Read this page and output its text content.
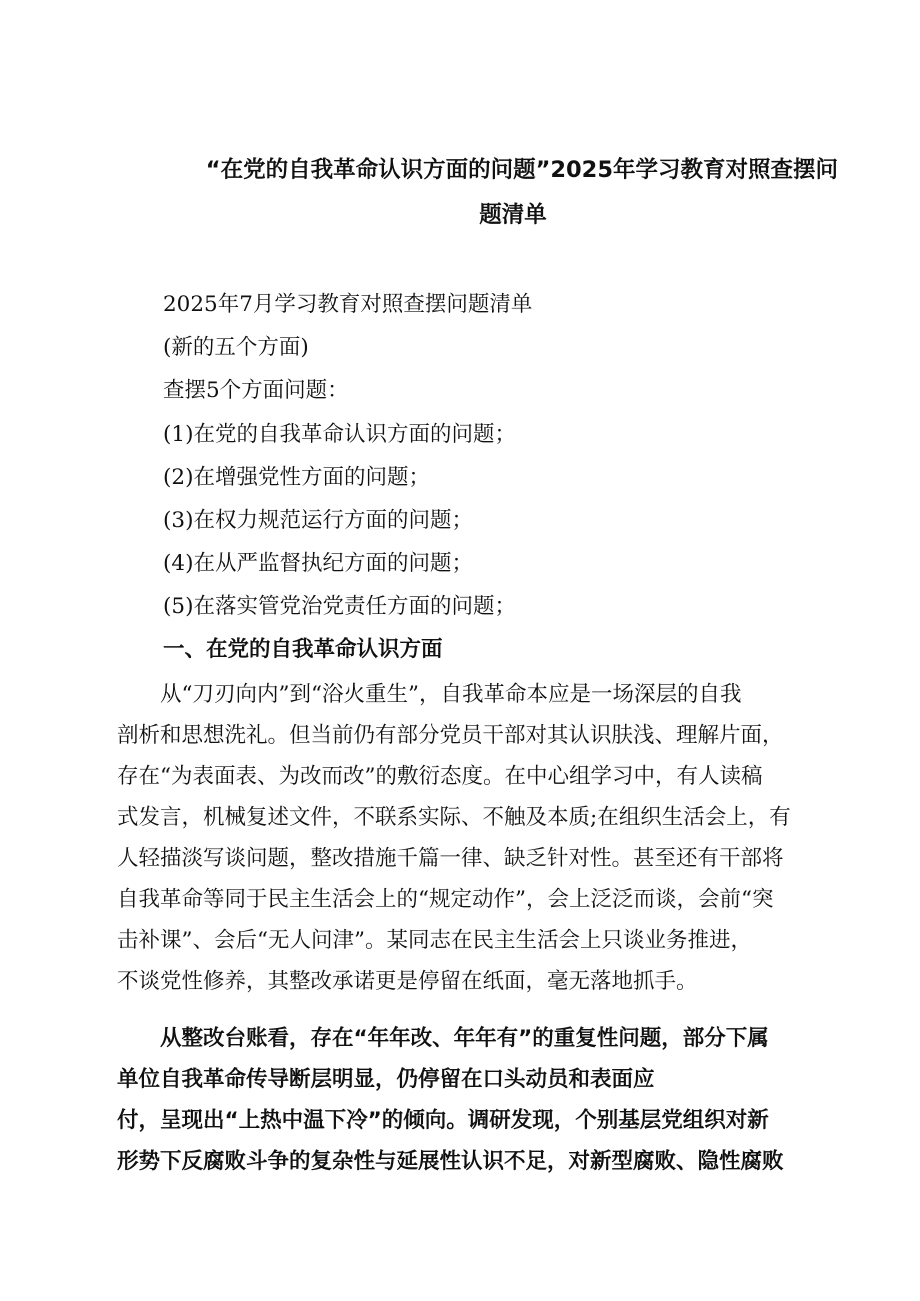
“在党的自我革命认识方面的问题”2025年学习教育对照查摆问
题清单
2025年7月学习教育对照查摆问题清单
(新的五个方面)
查摆5个方面问题：
(1)在党的自我革命认识方面的问题；
(2)在增强党性方面的问题；
(3)在权力规范运行方面的问题；
(4)在从严监督执纪方面的问题；
(5)在落实管党治党责任方面的问题；
一、在党的自我革命认识方面
从“刀刃向内”到“浴火重生”，自我革命本应是一场深层的自我
剖析和思想洗礼。但当前仍有部分党员干部对其认识肤浅、理解片面，
存在“为表面表、为改而改”的敷衍态度。在中心组学习中，有人读稿
式发言，机械复述文件，不联系实际、不触及本质;在组织生活会上，有
人轻描淡写谈问题，整改措施千篇一律、缺乏针对性。甚至还有干部将
自我革命等同于民主生活会上的“规定动作”，会上泛泛而谈，会前“突
击补课”、会后“无人问津”。某同志在民主生活会上只谈业务推进，
不谈党性修养，其整改承诺更是停留在纸面，毫无落地抓手。
从整改台账看，存在“年年改、年年有”的重复性问题，部分下属
单位自我革命传导断层明显，仍停留在口头动员和表面应
付，呈现出“上热中温下冷”的倾向。调研发现，个别基层党组织对新
形势下反腐败斗争的复杂性与延展性认识不足，对新型腐败、隐性腐败
